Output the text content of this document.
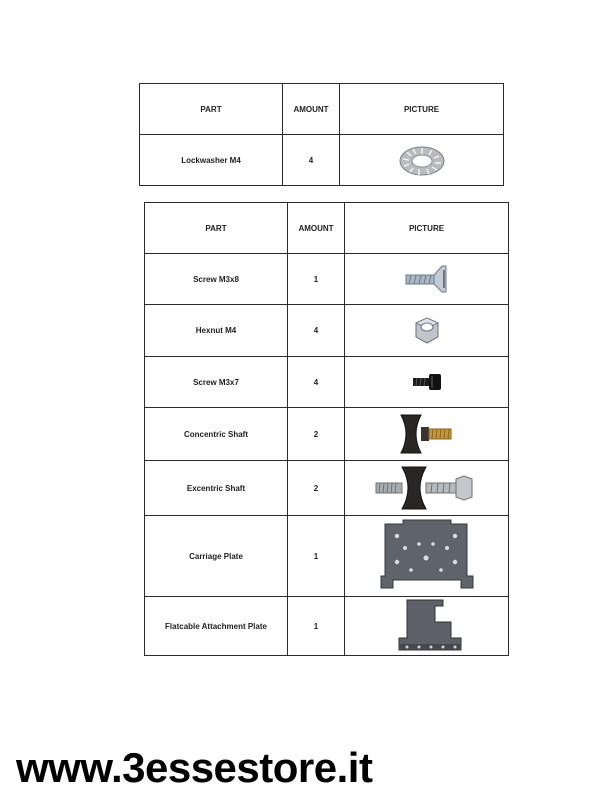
PART	AMOUNT	PICTURE
Lockwasher M4	4	
PART	AMOUNT	PICTURE
Screw M3x8	1	

Hexnut M4	4	

Screw M3x7	4	

Concentric Shaft	2	

Excentric Shaft	2	

Carriage Plate	1	

Flatcable Attachment Plate	1	
www.3essestore.it
